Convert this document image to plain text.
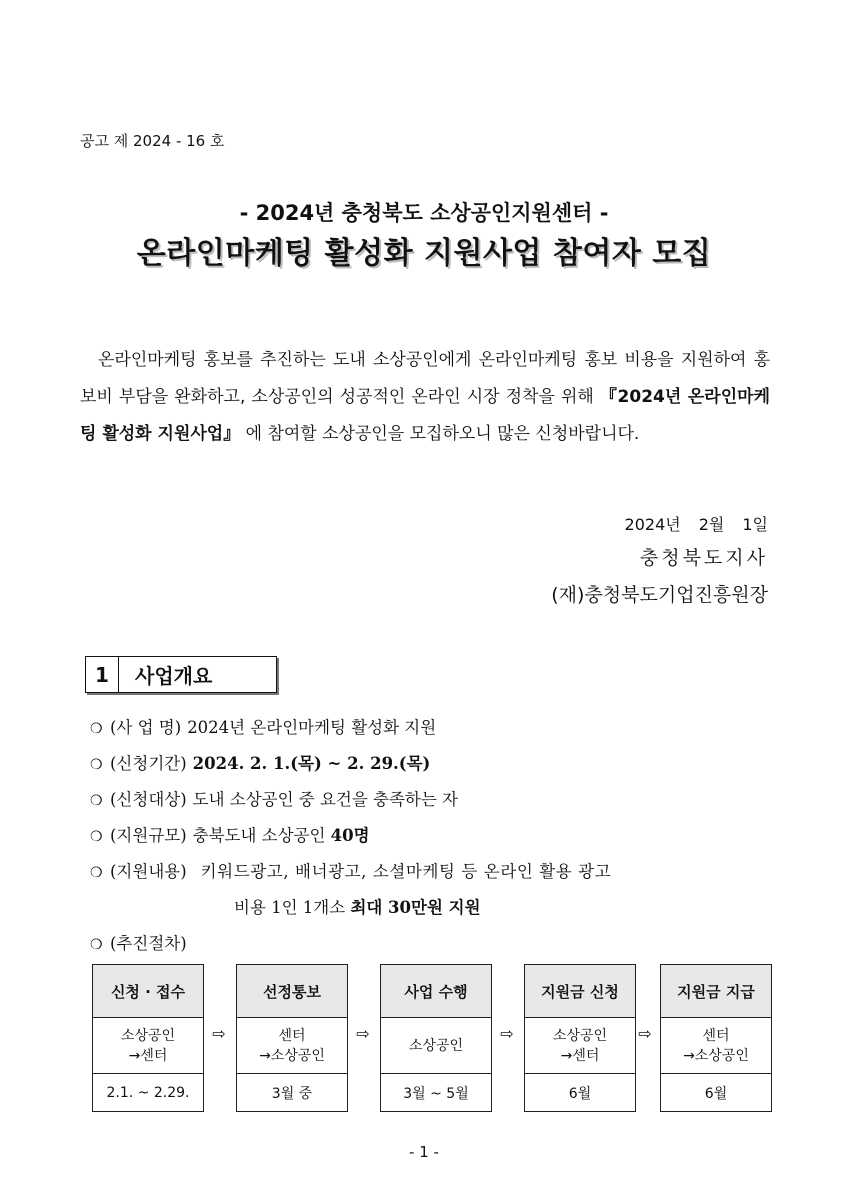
공고 제 2024 - 16 호
- 2024년 충청북도 소상공인지원센터 -
온라인마케팅 활성화 지원사업 참여자 모집
온라인마케팅 홍보를 추진하는 도내 소상공인에게 온라인마케팅 홍보 비용을 지원하여 홍보비 부담을 완화하고, 소상공인의 성공적인 온라인 시장 정착을 위해 『2024년 온라인마케팅 활성화 지원사업』 에 참여할 소상공인을 모집하오니 많은 신청바랍니다.
2024년 2월 1일
충청북도지사
(재)충청북도기업진흥원장
1	사업개요
❍ (사 업 명) 2024년 온라인마케팅 활성화 지원
❍ (신청기간) 2024. 2. 1.(목) ~ 2. 29.(목)
❍ (신청대상) 도내 소상공인 중 요건을 충족하는 자
❍ (지원규모) 충북도내 소상공인 40명
❍ (지원내용) 키워드광고, 배너광고, 소셜마케팅 등 온라인 활용 광고
비용 1인 1개소 최대 30만원 지원
❍ (추진절차)
신청 · 접수
소상공인
→센터
2.1. ~ 2.29.
⇨
선정통보
센터
→소상공인
3월 중
⇨
사업 수행
소상공인
3월 ~ 5월
⇨
지원금 신청
소상공인
→센터
6월
⇨
지원금 지급
센터
→소상공인
6월
- 1 -
